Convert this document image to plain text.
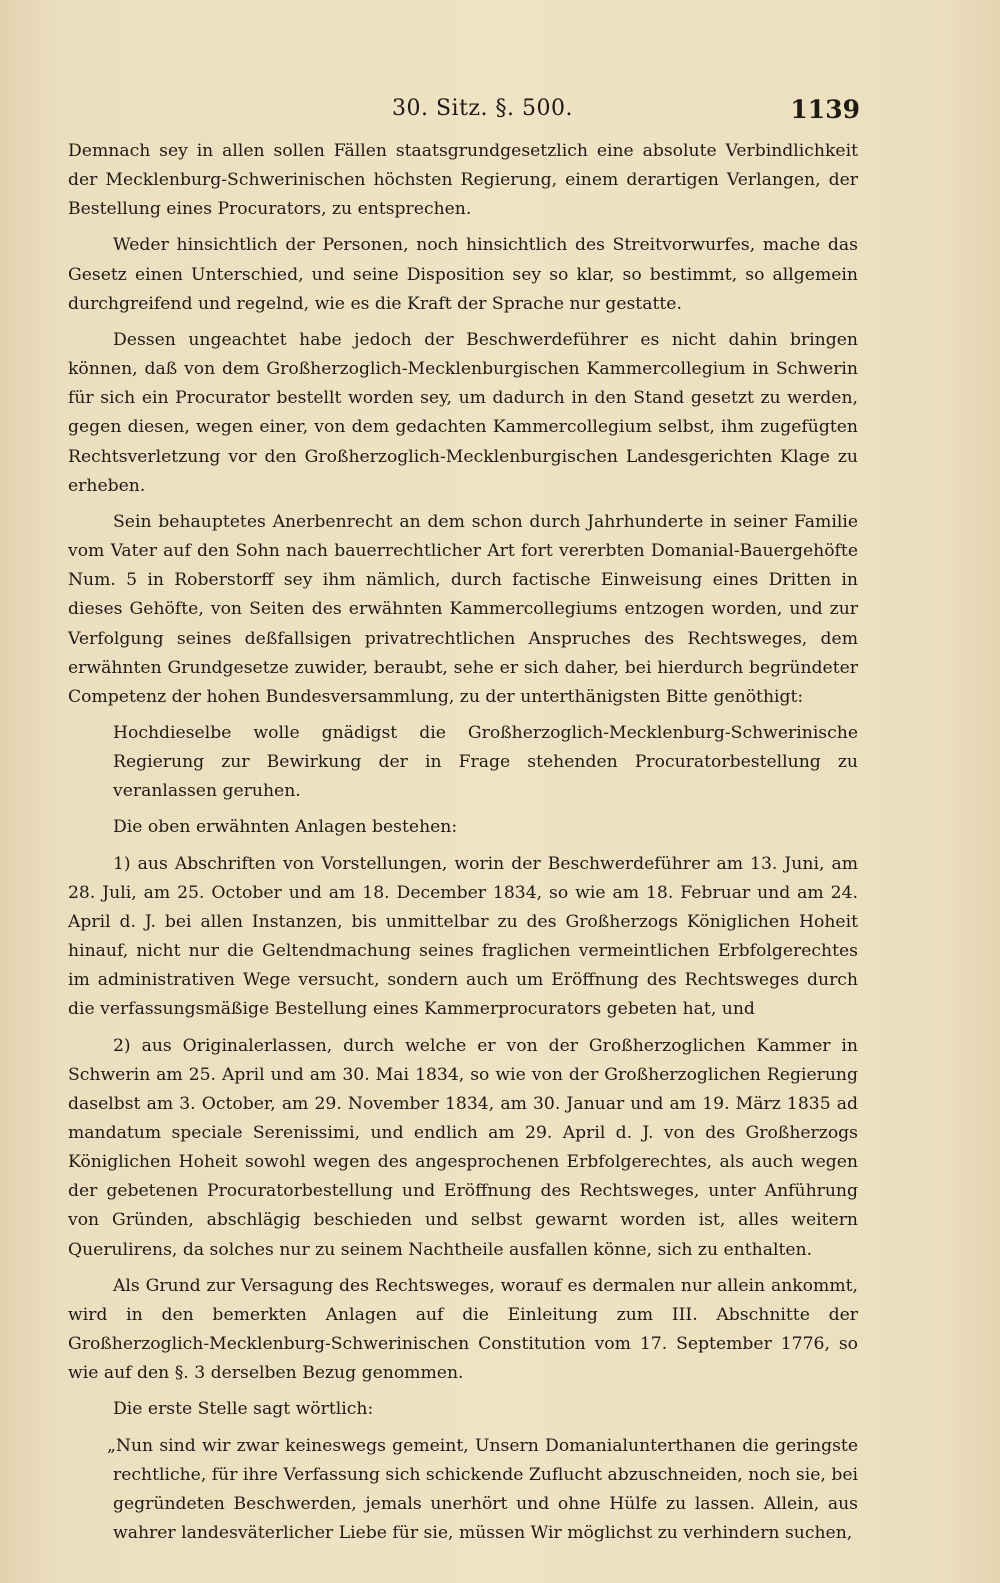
30. Sitz. §. 500.	1139

Demnach sey in allen sollen Fällen staatsgrundgesetzlich eine absolute Verbindlichkeit der Mecklenburg-Schwerinischen höchsten Regierung, einem derartigen Verlangen, der Bestellung eines Procurators, zu entsprechen.

Weder hinsichtlich der Personen, noch hinsichtlich des Streitvorwurfes, mache das Gesetz einen Unterschied, und seine Disposition sey so klar, so bestimmt, so allgemein durchgreifend und regelnd, wie es die Kraft der Sprache nur gestatte.

Dessen ungeachtet habe jedoch der Beschwerdeführer es nicht dahin bringen können, daß von dem Großherzoglich-Mecklenburgischen Kammercollegium in Schwerin für sich ein Procurator bestellt worden sey, um dadurch in den Stand gesetzt zu werden, gegen diesen, wegen einer, von dem gedachten Kammercollegium selbst, ihm zugefügten Rechtsverletzung vor den Großherzoglich-Mecklenburgischen Landesgerichten Klage zu erheben.

Sein behauptetes Anerbenrecht an dem schon durch Jahrhunderte in seiner Familie vom Vater auf den Sohn nach bauerrechtlicher Art fort vererbten Domanial-Bauergehöfte Num. 5 in Roberstorff sey ihm nämlich, durch factische Einweisung eines Dritten in dieses Gehöfte, von Seiten des erwähnten Kammercollegiums entzogen worden, und zur Verfolgung seines deßfallsigen privatrechtlichen Anspruches des Rechtsweges, dem erwähnten Grundgesetze zuwider, beraubt, sehe er sich daher, bei hierdurch begründeter Competenz der hohen Bundesversammlung, zu der unterthänigsten Bitte genöthigt:

Hochdieselbe wolle gnädigst die Großherzoglich-Mecklenburg-Schwerinische Regierung zur Bewirkung der in Frage stehenden Procuratorbestellung zu veranlassen geruhen.

Die oben erwähnten Anlagen bestehen:

1) aus Abschriften von Vorstellungen, worin der Beschwerdeführer am 13. Juni, am 28. Juli, am 25. October und am 18. December 1834, so wie am 18. Februar und am 24. April d. J. bei allen Instanzen, bis unmittelbar zu des Großherzogs Königlichen Hoheit hinauf, nicht nur die Geltendmachung seines fraglichen vermeintlichen Erbfolgerechtes im administrativen Wege versucht, sondern auch um Eröffnung des Rechtsweges durch die verfassungsmäßige Bestellung eines Kammerprocurators gebeten hat, und

2) aus Originalerlassen, durch welche er von der Großherzoglichen Kammer in Schwerin am 25. April und am 30. Mai 1834, so wie von der Großherzoglichen Regierung daselbst am 3. October, am 29. November 1834, am 30. Januar und am 19. März 1835 ad mandatum speciale Serenissimi, und endlich am 29. April d. J. von des Großherzogs Königlichen Hoheit sowohl wegen des angesprochenen Erbfolgerechtes, als auch wegen der gebetenen Procuratorbestellung und Eröffnung des Rechtsweges, unter Anführung von Gründen, abschlägig beschieden und selbst gewarnt worden ist, alles weitern Querulirens, da solches nur zu seinem Nachtheile ausfallen könne, sich zu enthalten.

Als Grund zur Versagung des Rechtsweges, worauf es dermalen nur allein ankommt, wird in den bemerkten Anlagen auf die Einleitung zum III. Abschnitte der Großherzoglich-Mecklenburg-Schwerinischen Constitution vom 17. September 1776, so wie auf den §. 3 derselben Bezug genommen.

Die erste Stelle sagt wörtlich:

„Nun sind wir zwar keineswegs gemeint, Unsern Domanialunterthanen die geringste rechtliche, für ihre Verfassung sich schickende Zuflucht abzuschneiden, noch sie, bei gegründeten Beschwerden, jemals unerhört und ohne Hülfe zu lassen. Allein, aus wahrer landesväterlicher Liebe für sie, müssen Wir möglichst zu verhindern suchen,
